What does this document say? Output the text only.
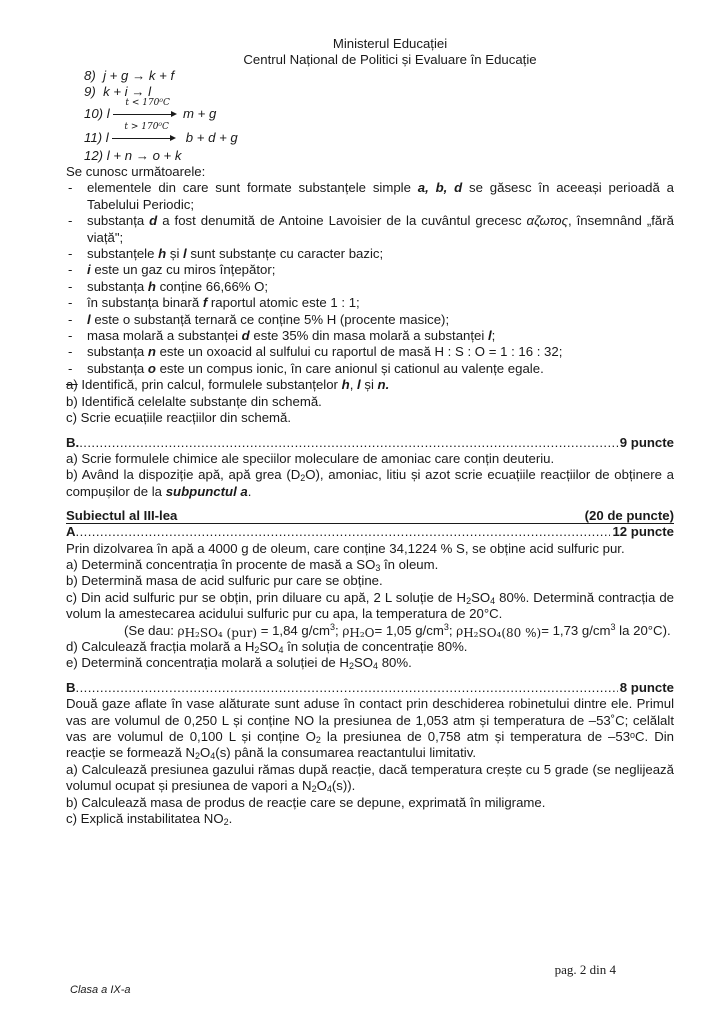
Ministerul Educației
Centrul Național de Politici și Evaluare în Educație
8) j + g → k + f
9) k + i → l
10) l
t < 170⁰C
m + g
11) l
t > 170⁰C
b + d + g
12) l + n → o + k

Se cunosc următoarele:

- elementele din care sunt formate substanțele simple a, b, d se găsesc în aceeași perioadă a Tabelului Periodic;
- substanța d a fost denumită de Antoine Lavoisier de la cuvântul grecesc αζωτος, însemnând „fără viață";
- substanțele h și l sunt substanțe cu caracter bazic;
- i este un gaz cu miros înțepător;
- substanța h conține 66,66% O;
- în substanța binară f raportul atomic este 1 : 1;
- l este o substanță ternară ce conține 5% H (procente masice);
- masa molară a substanței d este 35% din masa molară a substanței l;
- substanța n este un oxoacid al sulfului cu raportul de masă H : S : O = 1 : 16 : 32;
- substanța o este un compus ionic, în care anionul și cationul au valențe egale.

a) Identifică, prin calcul, formulele substanțelor h, l și n.

b) Identifică celelalte substanțe din schemă.

c) Scrie ecuațiile reacțiilor din schemă.

B. .....	9 puncte

a) Scrie formulele chimice ale speciilor moleculare de amoniac care conțin deuteriu.

b) Având la dispoziție apă, apă grea $(D_2O)$, amoniac, litiu și azot scrie ecuațiile reacțiilor de obținere a compușilor de la subpunctul a.

Subiectul al III-lea	(20 de puncte)
A .....	12 puncte

Prin dizolvarea în apă a 4000 g de oleum, care conține 34,1224 % S, se obține acid sulfuric pur.

a) Determină concentrația în procente de masă a $SO_3$ în oleum.

b) Determină masa de acid sulfuric pur care se obține.

c) Din acid sulfuric pur se obțin, prin diluare cu apă, 2 L soluție de $H_2SO_4$ 80%. Determină contracția de volum la amestecarea acidului sulfuric pur cu apa, la temperatura de 20°C.

(Se dau: $\rho_{H_2SO_4 (pur)} = 1,84$ $g/cm^3$; $\rho_{H_2O}= 1,05$ $g/cm^3$; $\rho_{H_2SO_4(80 \%)}= 1,73$ $g/cm^3$ la 20°C).

d) Calculează fracția molară a $H_2SO_4$ în soluția de concentrație 80%.

e) Determină concentrația molară a soluției de $H_2SO_4$ 80%.

B .....	8 puncte

Două gaze aflate în vase alăturate sunt aduse în contact prin deschiderea robinetului dintre ele. Primul vas are volumul de 0,250 L și conține NO la presiunea de 1,053 atm și temperatura de –53˚C; celălalt vas are volumul de 0,100 L și conține $O_2$ la presiunea de 0,758 atm și temperatura de –53ᵒC. Din reacție se formează $N_2O_4(s)$ până la consumarea reactantului limitativ.

a) Calculează presiunea gazului rămas după reacție, dacă temperatura crește cu 5 grade (se neglijează volumul ocupat și presiunea de vapori a $N_2O_4(s)$).

b) Calculează masa de produs de reacție care se depune, exprimată în miligrame.

c) Explică instabilitatea $NO_2$.

pag. 2 din 4
Clasa a IX-a
